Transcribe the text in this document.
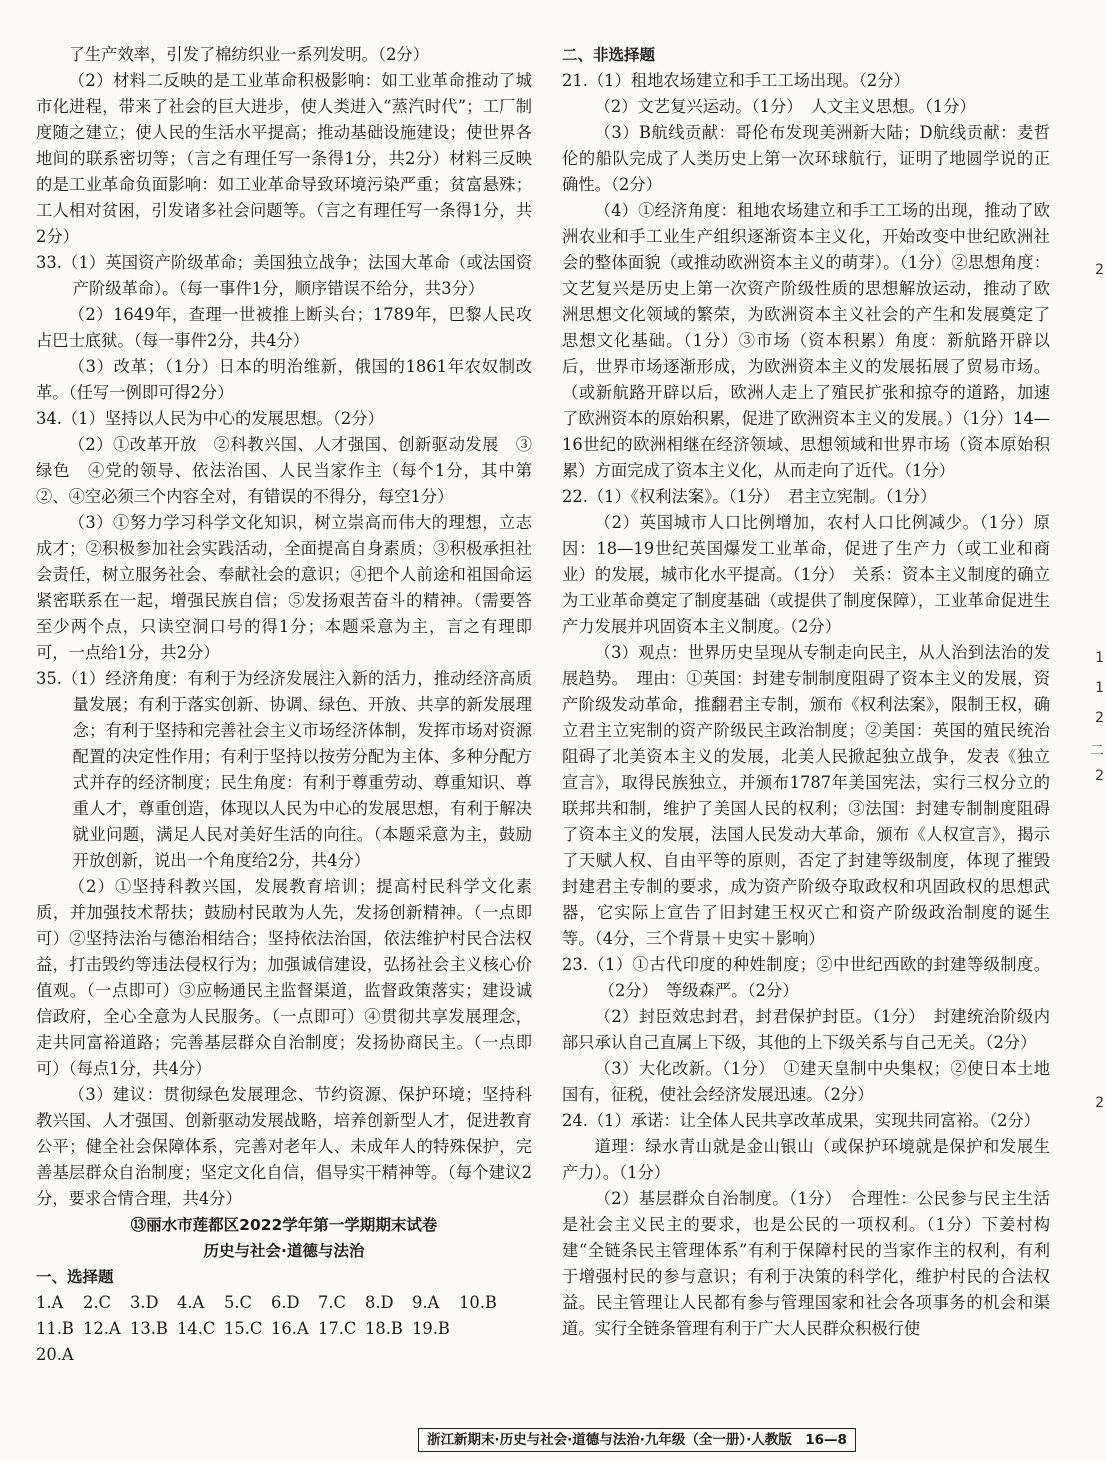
了生产效率，引发了棉纺织业一系列发明。（2分）

（2）材料二反映的是工业革命积极影响：如工业革命推动了城市化进程，带来了社会的巨大进步，使人类进入“蒸汽时代”；工厂制度随之建立；使人民的生活水平提高；推动基础设施建设；使世界各地间的联系密切等；（言之有理任写一条得1分，共2分）材料三反映的是工业革命负面影响：如工业革命导致环境污染严重；贫富悬殊；工人相对贫困，引发诸多社会问题等。（言之有理任写一条得1分，共2分）

33.（1）英国资产阶级革命；美国独立战争；法国大革命（或法国资产阶级革命）。（每一事件1分，顺序错误不给分，共3分）

（2）1649年，查理一世被推上断头台；1789年，巴黎人民攻占巴士底狱。（每一事件2分，共4分）

（3）改革；（1分）日本的明治维新，俄国的1861年农奴制改革。（任写一例即可得2分）

34.（1）坚持以人民为中心的发展思想。（2分）

（2）①改革开放　②科教兴国、人才强国、创新驱动发展　③绿色　④党的领导、依法治国、人民当家作主（每个1分，其中第②、④空必须三个内容全对，有错误的不得分，每空1分）

（3）①努力学习科学文化知识，树立崇高而伟大的理想，立志成才；②积极参加社会实践活动，全面提高自身素质；③积极承担社会责任，树立服务社会、奉献社会的意识；④把个人前途和祖国命运紧密联系在一起，增强民族自信；⑤发扬艰苦奋斗的精神。（需要答至少两个点，只读空洞口号的得1分；本题采意为主，言之有理即可，一点给1分，共2分）

35.（1）经济角度：有利于为经济发展注入新的活力，推动经济高质量发展；有利于落实创新、协调、绿色、开放、共享的新发展理念；有利于坚持和完善社会主义市场经济体制，发挥市场对资源配置的决定性作用；有利于坚持以按劳分配为主体、多种分配方式并存的经济制度；民生角度：有利于尊重劳动、尊重知识、尊重人才，尊重创造，体现以人民为中心的发展思想，有利于解决就业问题，满足人民对美好生活的向往。（本题采意为主，鼓励开放创新，说出一个角度给2分，共4分）

（2）①坚持科教兴国，发展教育培训；提高村民科学文化素质，并加强技术帮扶；鼓励村民敢为人先，发扬创新精神。（一点即可）②坚持法治与德治相结合；坚持依法治国，依法维护村民合法权益，打击毁约等违法侵权行为；加强诚信建设，弘扬社会主义核心价值观。（一点即可）③应畅通民主监督渠道，监督政策落实；建设诚信政府，全心全意为人民服务。（一点即可）④贯彻共享发展理念，走共同富裕道路；完善基层群众自治制度；发扬协商民主。（一点即可）（每点1分，共4分）

（3）建议：贯彻绿色发展理念、节约资源、保护环境；坚持科教兴国、人才强国、创新驱动发展战略，培养创新型人才，促进教育公平；健全社会保障体系，完善对老年人、未成年人的特殊保护，完善基层群众自治制度；坚定文化自信，倡导实干精神等。（每个建议2分，要求合情合理，共4分）

⑬丽水市莲都区2022学年第一学期期末试卷

历史与社会·道德与法治

一、选择题

1.A	2.C	3.D	4.A	5.C	6.D	7.C	8.D	9.A	10.B
11.B 12.A 13.B 14.C 15.C 16.A 17.C 18.B 19.B
20.A

二、非选择题

21.（1）租地农场建立和手工工场出现。（2分）

（2）文艺复兴运动。（1分）　人文主义思想。（1分）

（3）B航线贡献：哥伦布发现美洲新大陆；D航线贡献：麦哲伦的船队完成了人类历史上第一次环球航行，证明了地圆学说的正确性。（2分）

（4）①经济角度：租地农场建立和手工工场的出现，推动了欧洲农业和手工业生产组织逐渐资本主义化，开始改变中世纪欧洲社会的整体面貌（或推动欧洲资本主义的萌芽）。（1分）②思想角度：文艺复兴是历史上第一次资产阶级性质的思想解放运动，推动了欧洲思想文化领域的繁荣，为欧洲资本主义社会的产生和发展奠定了思想文化基础。（1分）③市场（资本积累）角度：新航路开辟以后，世界市场逐渐形成，为欧洲资本主义的发展拓展了贸易市场。（或新航路开辟以后，欧洲人走上了殖民扩张和掠夺的道路，加速了欧洲资本的原始积累，促进了欧洲资本主义的发展。）（1分）14—16世纪的欧洲相继在经济领域、思想领域和世界市场（资本原始积累）方面完成了资本主义化，从而走向了近代。（1分）

22.（1）《权利法案》。（1分）　君主立宪制。（1分）

（2）英国城市人口比例增加，农村人口比例减少。（1分）原因：18—19世纪英国爆发工业革命，促进了生产力（或工业和商业）的发展，城市化水平提高。（1分）　关系：资本主义制度的确立为工业革命奠定了制度基础（或提供了制度保障），工业革命促进生产力发展并巩固资本主义制度。（2分）

（3）观点：世界历史呈现从专制走向民主，从人治到法治的发展趋势。　理由：①英国：封建专制制度阻碍了资本主义的发展，资产阶级发动革命，推翻君主专制，颁布《权利法案》，限制王权，确立君主立宪制的资产阶级民主政治制度；②美国：英国的殖民统治阻碍了北美资本主义的发展，北美人民掀起独立战争，发表《独立宣言》，取得民族独立，并颁布1787年美国宪法，实行三权分立的联邦共和制，维护了美国人民的权利；③法国：封建专制制度阻碍了资本主义的发展，法国人民发动大革命，颁布《人权宣言》，揭示了天赋人权、自由平等的原则，否定了封建等级制度，体现了摧毁封建君主专制的要求，成为资产阶级夺取政权和巩固政权的思想武器，它实际上宣告了旧封建王权灭亡和资产阶级政治制度的诞生等。（4分，三个背景＋史实＋影响）

23.（1）①古代印度的种姓制度；②中世纪西欧的封建等级制度。（2分）　等级森严。（2分）

（2）封臣效忠封君，封君保护封臣。（1分）　封建统治阶级内部只承认自己直属上下级，其他的上下级关系与自己无关。（2分）

（3）大化改新。（1分）　①建天皇制中央集权；②使日本土地国有，征税，使社会经济发展迅速。（2分）

24.（1）承诺：让全体人民共享改革成果，实现共同富裕。（2分）

道理：绿水青山就是金山银山（或保护环境就是保护和发展生产力）。（1分）

（2）基层群众自治制度。（1分）　合理性：公民参与民主生活是社会主义民主的要求，也是公民的一项权利。（1分）下姜村构建“全链条民主管理体系”有利于保障村民的当家作主的权利，有利于增强村民的参与意识；有利于决策的科学化，维护村民的合法权益。民主管理让人民都有参与管理国家和社会各项事务的机会和渠道。实行全链条管理有利于广大人民群众积极行使

2
1
1
2
二
2
2
浙江新期末·历史与社会·道德与法治·九年级（全一册）·人教版　16—8
